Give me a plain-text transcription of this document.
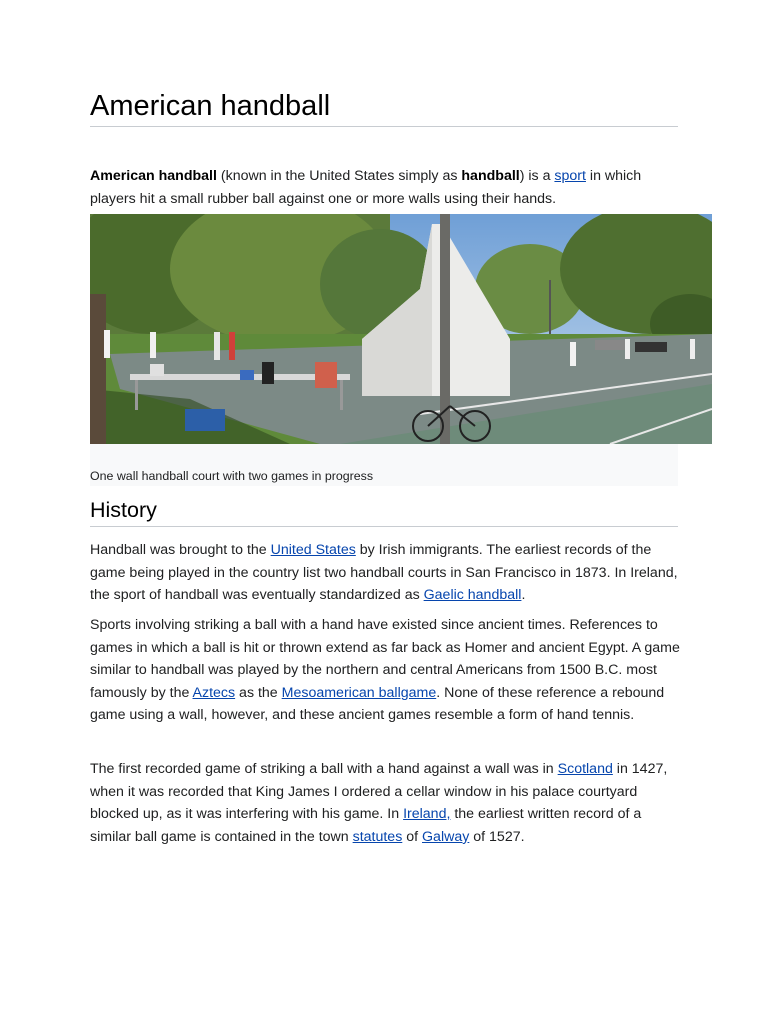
American handball

American handball (known in the United States simply as handball) is a sport in which players hit a small rubber ball against one or more walls using their hands.

One wall handball court with two games in progress
History

Handball was brought to the United States by Irish immigrants. The earliest records of the game being played in the country list two handball courts in San Francisco in 1873. In Ireland, the sport of handball was eventually standardized as Gaelic handball.

Sports involving striking a ball with a hand have existed since ancient times. References to games in which a ball is hit or thrown extend as far back as Homer and ancient Egypt. A game similar to handball was played by the northern and central Americans from 1500 B.C. most famously by the Aztecs as the Mesoamerican ballgame. None of these reference a rebound game using a wall, however, and these ancient games resemble a form of hand tennis.

The first recorded game of striking a ball with a hand against a wall was in Scotland in 1427, when it was recorded that King James I ordered a cellar window in his palace courtyard blocked up, as it was interfering with his game. In Ireland, the earliest written record of a similar ball game is contained in the town statutes of Galway of 1527.
